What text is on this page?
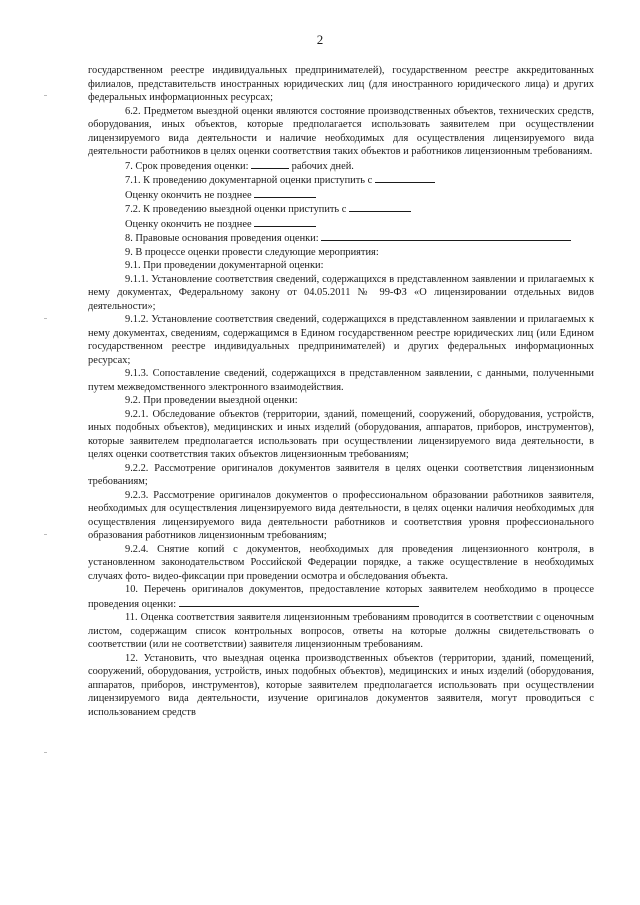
2

государственном реестре индивидуальных предпринимателей), государственном реестре аккредитованных филиалов, представительств иностранных юридических лиц (для иностранного юридического лица) и других федеральных информационных ресурсах;

6.2. Предметом выездной оценки являются состояние производственных объектов, технических средств, оборудования, иных объектов, которые предполагается использовать заявителем при осуществлении лицензируемого вида деятельности и наличие необходимых для осуществления лицензируемого вида деятельности работников в целях оценки соответствия таких объектов и работников лицензионным требованиям.

7. Срок проведения оценки:	рабочих дней.

7.1. К проведению документарной оценки приступить с

Оценку окончить не позднее

7.2. К проведению выездной оценки приступить с

Оценку окончить не позднее

8. Правовые основания проведения оценки:

9. В процессе оценки провести следующие мероприятия:

9.1. При проведении документарной оценки:

9.1.1. Установление соответствия сведений, содержащихся в представленном заявлении и прилагаемых к нему документах, Федеральному закону от 04.05.2011 № 99-ФЗ «О лицензировании отдельных видов деятельности»;

9.1.2. Установление соответствия сведений, содержащихся в представленном заявлении и прилагаемых к нему документах, сведениям, содержащимся в Едином государственном реестре юридических лиц (или Едином государственном реестре индивидуальных предпринимателей) и других федеральных информационных ресурсах;

9.1.3. Сопоставление сведений, содержащихся в представленном заявлении, с данными, полученными путем межведомственного электронного взаимодействия.

9.2. При проведении выездной оценки:

9.2.1. Обследование объектов (территории, зданий, помещений, сооружений, оборудования, устройств, иных подобных объектов), медицинских и иных изделий (оборудования, аппаратов, приборов, инструментов), которые заявителем предполагается использовать при осуществлении лицензируемого вида деятельности, в целях оценки соответствия таких объектов лицензионным требованиям;

9.2.2. Рассмотрение оригиналов документов заявителя в целях оценки соответствия лицензионным требованиям;

9.2.3. Рассмотрение оригиналов документов о профессиональном образовании работников заявителя, необходимых для осуществления лицензируемого вида деятельности, в целях оценки наличия необходимых для осуществления лицензируемого вида деятельности работников и соответствия уровня профессионального образования работников лицензионным требованиям;

9.2.4. Снятие копий с документов, необходимых для проведения лицензионного контроля, в установленном законодательством Российской Федерации порядке, а также осуществление в необходимых случаях фото- видео-фиксации при проведении осмотра и обследования объекта.

10. Перечень оригиналов документов, предоставление которых заявителем необходимо в процессе проведения оценки:

11. Оценка соответствия заявителя лицензионным требованиям проводится в соответствии с оценочным листом, содержащим список контрольных вопросов, ответы на которые должны свидетельствовать о соответствии (или не соответствии) заявителя лицензионным требованиям.

12. Установить, что выездная оценка производственных объектов (территории, зданий, помещений, сооружений, оборудования, устройств, иных подобных объектов), медицинских и иных изделий (оборудования, аппаратов, приборов, инструментов), которые заявителем предполагается использовать при осуществлении лицензируемого вида деятельности, изучение оригиналов документов заявителя, могут проводиться с использованием средств
